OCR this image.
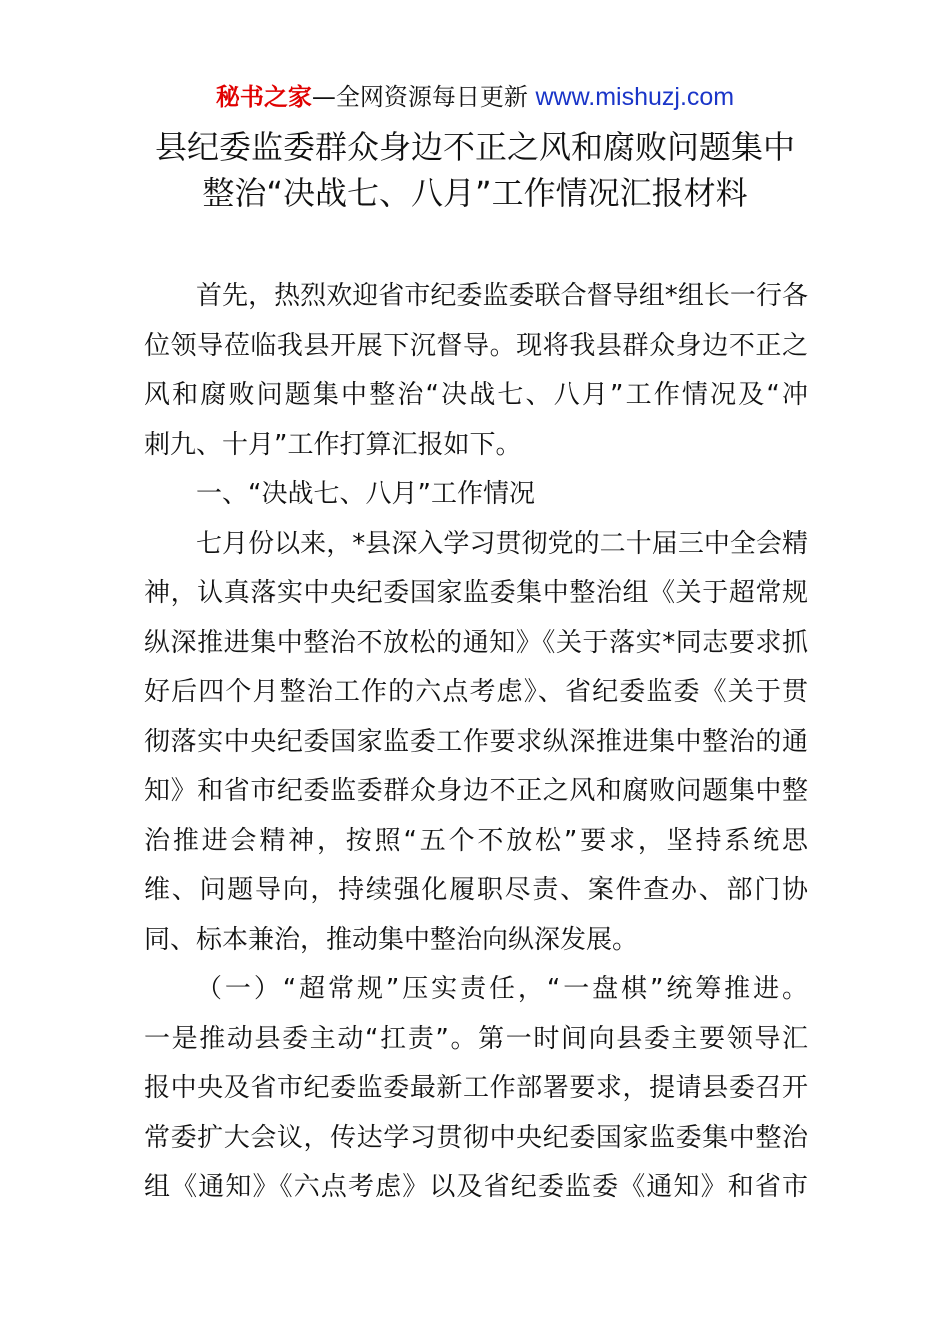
秘书之家—全网资源每日更新 www.mishuzj.com
县纪委监委群众身边不正之风和腐败问题集中
整治“决战七、八月”工作情况汇报材料

首先，热烈欢迎省市纪委监委联合督导组*组长一行各
位领导莅临我县开展下沉督导。现将我县群众身边不正之
风和腐败问题集中整治“决战七、八月”工作情况及“冲
刺九、十月”工作打算汇报如下。

一、“决战七、八月”工作情况

七月份以来，*县深入学习贯彻党的二十届三中全会精
神，认真落实中央纪委国家监委集中整治组《关于超常规
纵深推进集中整治不放松的通知》《关于落实*同志要求抓
好后四个月整治工作的六点考虑》、省纪委监委《关于贯
彻落实中央纪委国家监委工作要求纵深推进集中整治的通
知》和省市纪委监委群众身边不正之风和腐败问题集中整
治推进会精神，按照“五个不放松”要求，坚持系统思
维、问题导向，持续强化履职尽责、案件查办、部门协
同、标本兼治，推动集中整治向纵深发展。

（一）“超常规”压实责任，“一盘棋”统筹推进。
一是推动县委主动“扛责”。第一时间向县委主要领导汇
报中央及省市纪委监委最新工作部署要求，提请县委召开
常委扩大会议，传达学习贯彻中央纪委国家监委集中整治
组《通知》《六点考虑》以及省纪委监委《通知》和省市
